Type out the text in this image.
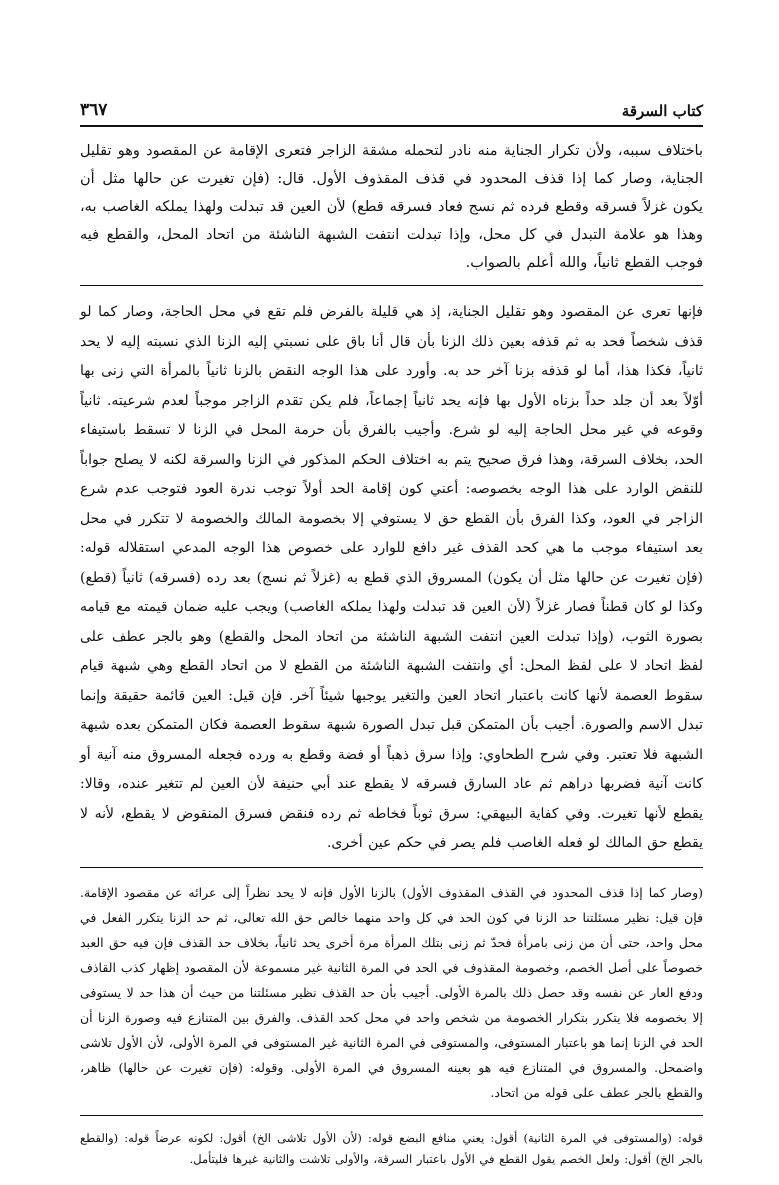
كتاب السرقة
٣٦٧

باختلاف سببه، ولأن تكرار الجناية منه نادر لتحمله مشقة الزاجر فتعرى الإقامة عن المقصود وهو تقليل الجناية، وصار كما إذا قذف المحدود في قذف المقذوف الأول. قال: (فإن تغيرت عن حالها مثل أن يكون غزلاً فسرقه وقطع فرده ثم نسج فعاد فسرقه قطع) لأن العين قد تبدلت ولهذا يملكه الغاصب به، وهذا هو علامة التبدل في كل محل، وإذا تبدلت انتفت الشبهة الناشئة من اتحاد المحل، والقطع فيه فوجب القطع ثانياً، والله أعلم بالصواب.

فإنها تعرى عن المقصود وهو تقليل الجناية، إذ هي قليلة بالفرض فلم تقع في محل الحاجة، وصار كما لو قذف شخصاً فحد به ثم قذفه بعين ذلك الزنا بأن قال أنا باق على نسبتي إليه الزنا الذي نسبته إليه لا يحد ثانياً، فكذا هذا، أما لو قذفه بزنا آخر حد به. وأورد على هذا الوجه النقض بالزنا ثانياً بالمرأة التي زنى بها أوّلاً بعد أن جلد حداً بزناه الأول بها فإنه يحد ثانياً إجماعاً، فلم يكن تقدم الزاجر موجباً لعدم شرعيته. ثانياً وقوعه في غير محل الحاجة إليه لو شرع. وأجيب بالفرق بأن حرمة المحل في الزنا لا تسقط باستيفاء الحد، بخلاف السرقة، وهذا فرق صحيح يتم به اختلاف الحكم المذكور في الزنا والسرقة لكنه لا يصلح جواباً للنقض الوارد على هذا الوجه بخصوصه: أعني كون إقامة الحد أولاً توجب ندرة العود فتوجب عدم شرع الزاجر في العود، وكذا الفرق بأن القطع حق لا يستوفي إلا بخصومة المالك والخصومة لا تتكرر في محل بعد استيفاء موجب ما هي كحد القذف غير دافع للوارد على خصوص هذا الوجه المدعي استقلاله قوله: (فإن تغيرت عن حالها مثل أن يكون) المسروق الذي قطع به (غزلاً ثم نسج) بعد رده (فسرقه) ثانياً (قطع) وكذا لو كان قطناً فصار غزلاً (لأن العين قد تبدلت ولهذا يملكه الغاصب) ويجب عليه ضمان قيمته مع قيامه بصورة الثوب، (وإذا تبدلت العين انتفت الشبهة الناشئة من اتحاد المحل والقطع) وهو بالجر عطف على لفظ اتحاد لا على لفظ المحل: أي وانتفت الشبهة الناشئة من القطع لا من اتحاد القطع وهي شبهة قيام سقوط العصمة لأنها كانت باعتبار اتحاد العين والتغير يوجبها شيئاً آخر. فإن قيل: العين قائمة حقيقة وإنما تبدل الاسم والصورة. أجيب بأن المتمكن قبل تبدل الصورة شبهة سقوط العصمة فكان المتمكن بعده شبهة الشبهة فلا تعتبر. وفي شرح الطحاوي: وإذا سرق ذهباً أو فضة وقطع به ورده فجعله المسروق منه آنية أو كانت آنية فضربها دراهم ثم عاد السارق فسرقه لا يقطع عند أبي حنيفة لأن العين لم تتغير عنده، وقالا: يقطع لأنها تغيرت. وفي كفاية البيهقي: سرق ثوباً فخاطه ثم رده فنقض فسرق المنقوض لا يقطع، لأنه لا يقطع حق المالك لو فعله الغاصب فلم يصر في حكم عين أخرى.

(وصار كما إذا قذف المحدود في القذف المقذوف الأول) بالزنا الأول فإنه لا يحد نظراً إلى عرائه عن مقصود الإقامة. فإن قيل: نظير مسئلتنا حد الزنا في كون الحد في كل واحد منهما خالص حق الله تعالى، ثم حد الزنا يتكرر الفعل في محل واحد، حتى أن من زنى بامرأة فحدّ ثم زنى بتلك المرأة مرة أخرى يحد ثانياً، بخلاف حد القذف فإن فيه حق العبد خصوصاً على أصل الخصم، وخصومة المقذوف في الحد في المرة الثانية غير مسموعة لأن المقصود إظهار كذب القاذف ودفع العار عن نفسه وقد حصل ذلك بالمرة الأولى. أجيب بأن حد القذف نظير مسئلتنا من حيث أن هذا حد لا يستوفى إلا بخصومه فلا يتكرر بتكرار الخصومة من شخص واحد في محل كحد القذف. والفرق بين المتنازع فيه وصورة الزنا أن الحد في الزنا إنما هو باعتبار المستوفى، والمستوفى في المرة الثانية غير المستوفى في المرة الأولى، لأن الأول تلاشى واضمحل. والمسروق في المتنازع فيه هو بعينه المسروق في المرة الأولى. وقوله: (فإن تغيرت عن حالها) ظاهر، والقطع بالجر عطف على قوله من اتحاد.

قوله: (والمستوفى في المرة الثانية) أقول: يعني منافع البضع قوله: (لأن الأول تلاشى الخ) أقول: لكونه عرضاً قوله: (والقطع بالجر الخ) أقول: ولعل الخصم يقول القطع في الأول باعتبار السرقة، والأولى تلاشت والثانية غيرها فليتأمل.
